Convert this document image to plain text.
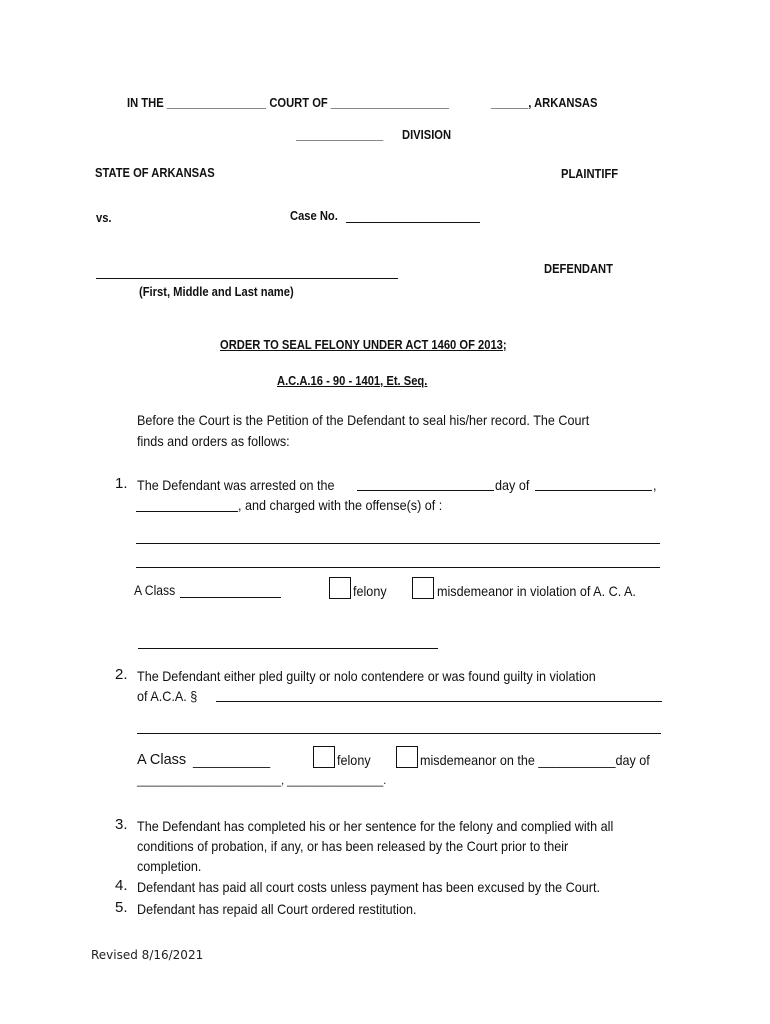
IN THE ________________ COURT OF ___________________	______, ARKANSAS
______________ DIVISION
STATE OF ARKANSAS	PLAINTIFF
vs.	Case No.
DEFENDANT
(First, Middle and Last name)
ORDER TO SEAL FELONY UNDER ACT 1460 OF 2013;
A.C.A.16 - 90 - 1401, Et. Seq.
Before the Court is the Petition of the Defendant to seal his/her record. The Court
finds and orders as follows:
1. The Defendant was arrested on the	day of	,
, and charged with the offense(s) of :
A Class	felony	misdemeanor in violation of A. C. A.
2. The Defendant either pled guilty or nolo contendere or was found guilty in violation
of A.C.A. §
A Class ___________	felony	misdemeanor on the ___________day of
________________________, ________________.
3. The Defendant has completed his or her sentence for the felony and complied with all
conditions of probation, if any, or has been released by the Court prior to their
completion.
4. Defendant has paid all court costs unless payment has been excused by the Court.
5. Defendant has repaid all Court ordered restitution.
Revised 8/16/2021
